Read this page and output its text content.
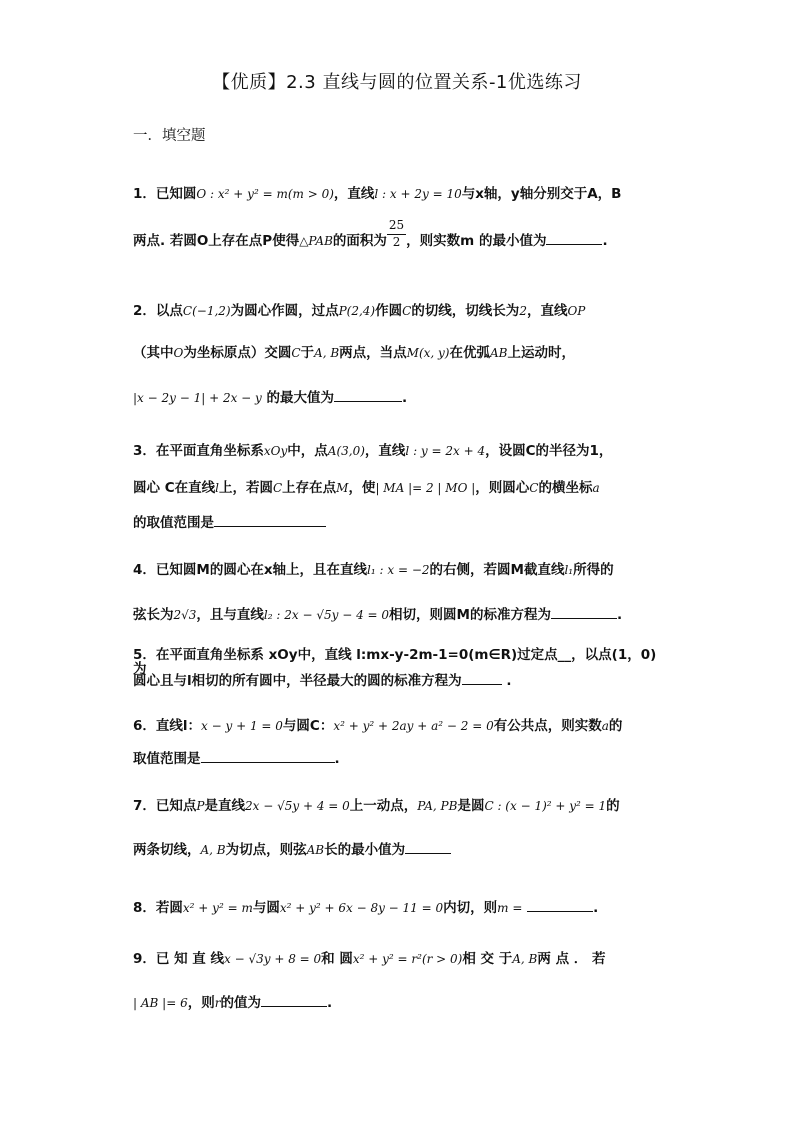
【优质】2.3 直线与圆的位置关系-1优选练习
一．填空题
1．已知圆O : x² + y² = m(m > 0)，直线l : x + 2y = 10与x轴，y轴分别交于A，B
两点. 若圆O上存在点P使得△PAB的面积为 $\frac{25}{2}$ ，则实数m 的最小值为	.
2．以点C(−1,2)为圆心作圆，过点P(2,4)作圆C的切线，切线长为2，直线OP
（其中O为坐标原点）交圆C于A, B两点，当点M(x, y)在优弧AB上运动时，
|x − 2y − 1| + 2x − y 的最大值为	.
3．在平面直角坐标系xOy中，点A(3,0)，直线l : y = 2x + 4，设圆C的半径为1，
圆心 C在直线l上，若圆C上存在点M，使| MA |= 2 | MO |，则圆心C的横坐标a
的取值范围是
4．已知圆M的圆心在x轴上，且在直线l₁ : x = −2的右侧，若圆M截直线l₁所得的
弦长为2√3，且与直线l₂ : 2x − √5y − 4 = 0相切，则圆M的标准方程为	.
5．在平面直角坐标系 xOy中，直线 l:mx-y-2m-1=0(m∈R)过定点__，以点(1，0)为
圆心且与l相切的所有圆中，半径最大的圆的标准方程为	.
6．直线l：x − y + 1 = 0与圆C：x² + y² + 2ay + a² − 2 = 0有公共点，则实数a的
取值范围是	.
7．已知点P是直线2x − √5y + 4 = 0上一动点，PA, PB是圆C : (x − 1)² + y² = 1的
两条切线，A, B为切点，则弦AB长的最小值为
8．若圆x² + y² = m与圆x² + y² + 6x − 8y − 11 = 0内切，则m =	.
9．已 知 直 线x − √3y + 8 = 0和 圆x² + y² = r²(r > 0)相 交 于A, B两 点 ． 若
| AB |= 6，则r的值为	.
